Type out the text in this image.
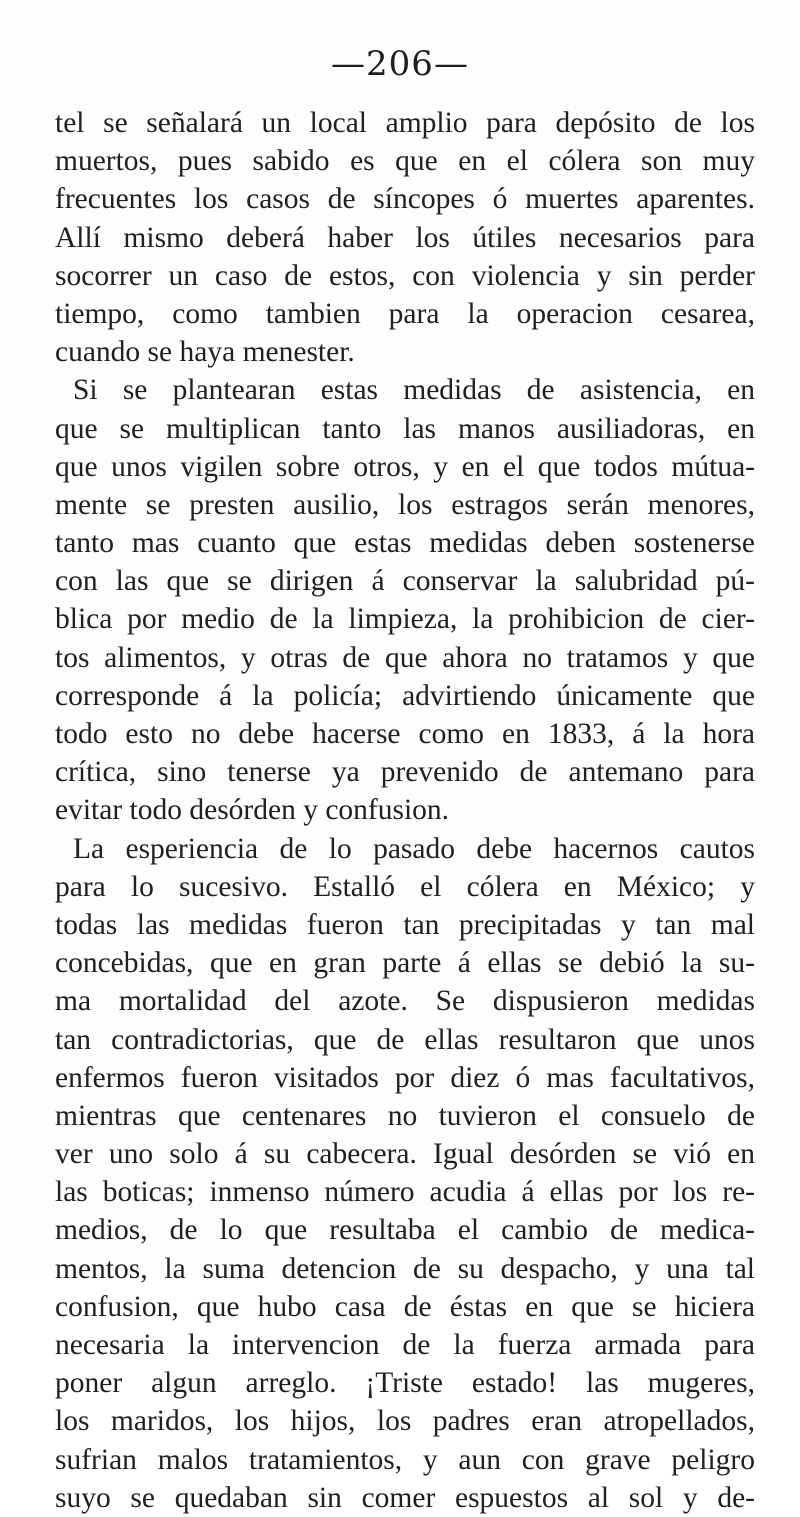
—206—
tel se señalará un local amplio para depósito de los
muertos, pues sabido es que en el cólera son muy
frecuentes los casos de síncopes ó muertes aparentes.
Allí mismo deberá haber los útiles necesarios para
socorrer un caso de estos, con violencia y sin perder
tiempo, como tambien para la operacion cesarea,
cuando se haya menester.
Si se plantearan estas medidas de asistencia, en
que se multiplican tanto las manos ausiliadoras, en
que unos vigilen sobre otros, y en el que todos mútua-
mente se presten ausilio, los estragos serán menores,
tanto mas cuanto que estas medidas deben sostenerse
con las que se dirigen á conservar la salubridad pú-
blica por medio de la limpieza, la prohibicion de cier-
tos alimentos, y otras de que ahora no tratamos y que
corresponde á la policía; advirtiendo únicamente que
todo esto no debe hacerse como en 1833, á la hora
crítica, sino tenerse ya prevenido de antemano para
evitar todo desórden y confusion.
La esperiencia de lo pasado debe hacernos cautos
para lo sucesivo. Estalló el cólera en México; y
todas las medidas fueron tan precipitadas y tan mal
concebidas, que en gran parte á ellas se debió la su-
ma mortalidad del azote. Se dispusieron medidas
tan contradictorias, que de ellas resultaron que unos
enfermos fueron visitados por diez ó mas facultativos,
mientras que centenares no tuvieron el consuelo de
ver uno solo á su cabecera. Igual desórden se vió en
las boticas; inmenso número acudia á ellas por los re-
medios, de lo que resultaba el cambio de medica-
mentos, la suma detencion de su despacho, y una tal
confusion, que hubo casa de éstas en que se hiciera
necesaria la intervencion de la fuerza armada para
poner algun arreglo. ¡Triste estado! las mugeres,
los maridos, los hijos, los padres eran atropellados,
sufrian malos tratamientos, y aun con grave peligro
suyo se quedaban sin comer espuestos al sol y de-
